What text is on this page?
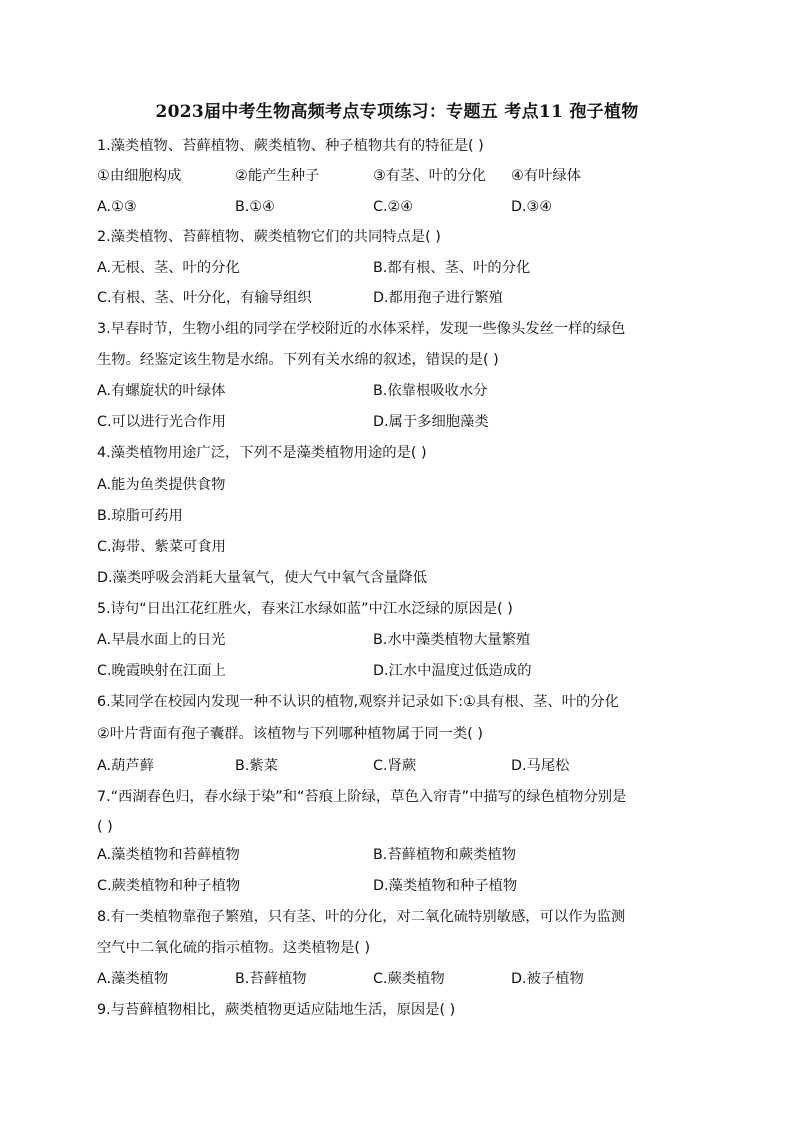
2023届中考生物高频考点专项练习：专题五 考点11 孢子植物
1.藻类植物、苔藓植物、蕨类植物、种子植物共有的特征是( )
①由细胞构成	②能产生种子	③有茎、叶的分化 ④有叶绿体
A.①③	B.①④	C.②④	D.③④
2.藻类植物、苔藓植物、蕨类植物它们的共同特点是( )
A.无根、茎、叶的分化	B.都有根、茎、叶的分化
C.有根、茎、叶分化，有输导组织	D.都用孢子进行繁殖
3.早春时节，生物小组的同学在学校附近的水体采样，发现一些像头发丝一样的绿色
生物。经鉴定该生物是水绵。下列有关水绵的叙述，错误的是( )
A.有螺旋状的叶绿体	B.依靠根吸收水分
C.可以进行光合作用	D.属于多细胞藻类
4.藻类植物用途广泛，下列不是藻类植物用途的是( )
A.能为鱼类提供食物
B.琼脂可药用
C.海带、紫菜可食用
D.藻类呼吸会消耗大量氧气，使大气中氧气含量降低
5.诗句“日出江花红胜火，春来江水绿如蓝”中江水泛绿的原因是( )
A.早晨水面上的日光	B.水中藻类植物大量繁殖
C.晚霞映射在江面上	D.江水中温度过低造成的
6.某同学在校园内发现一种不认识的植物,观察并记录如下:①具有根、茎、叶的分化
②叶片背面有孢子囊群。该植物与下列哪种植物属于同一类( )
A.葫芦藓	B.紫菜	C.肾蕨	D.马尾松
7.“西湖春色归，春水绿于染”和“苔痕上阶绿，草色入帘青”中描写的绿色植物分别是
( )
A.藻类植物和苔藓植物	B.苔藓植物和蕨类植物
C.蕨类植物和种子植物	D.藻类植物和种子植物
8.有一类植物靠孢子繁殖，只有茎、叶的分化，对二氧化硫特别敏感，可以作为监测
空气中二氧化硫的指示植物。这类植物是( )
A.藻类植物	B.苔藓植物	C.蕨类植物	D.被子植物
9.与苔藓植物相比，蕨类植物更适应陆地生活，原因是( )
